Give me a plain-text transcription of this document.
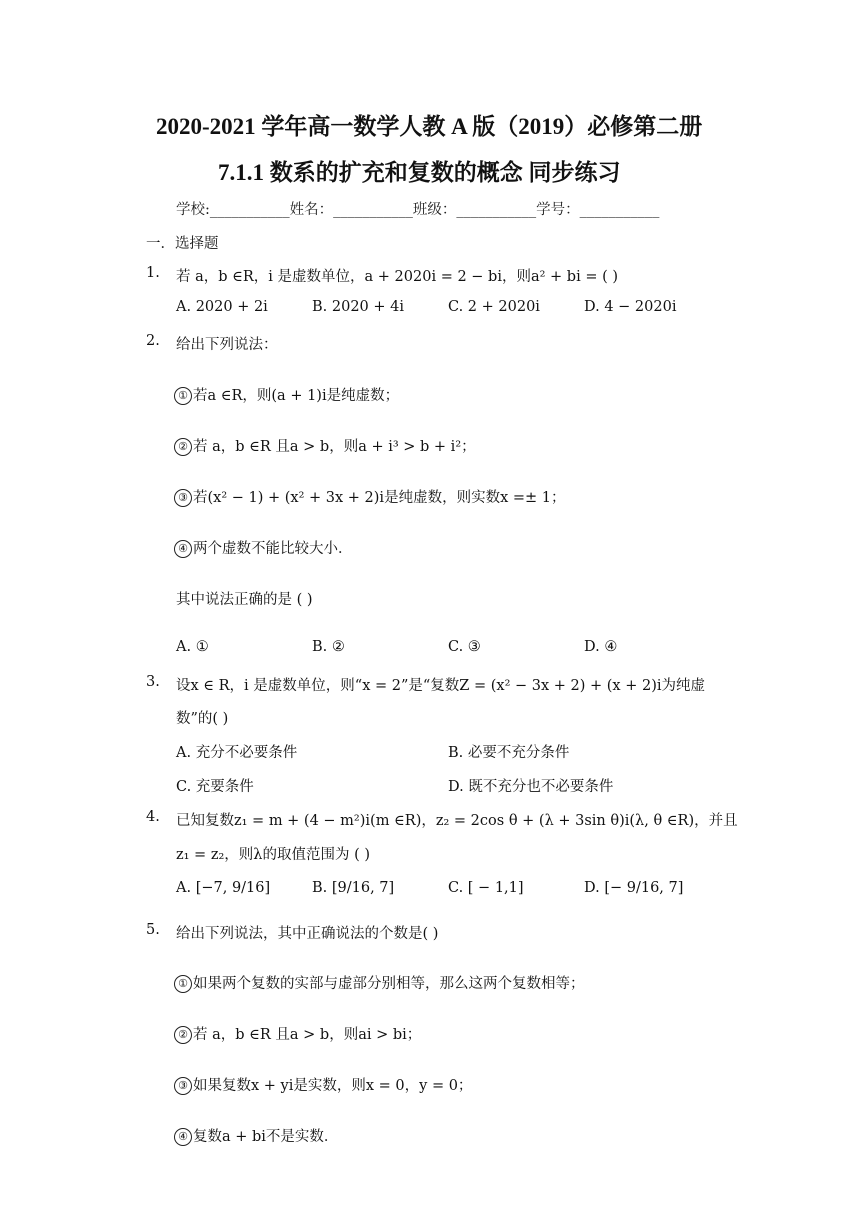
2020-2021 学年高一数学人教 A 版（2019）必修第二册
7.1.1 数系的扩充和复数的概念 同步练习
学校:___________姓名：___________班级：___________学号：___________
一．选择题
1. 若 a，b ∈R，i 是虚数单位，a + 2020i = 2 − bi，则a² + bi = ( )
A. 2020 + 2i	B. 2020 + 4i	C. 2 + 2020i	D. 4 − 2020i
2. 给出下列说法：
① 若a ∈R，则(a + 1)i是纯虚数；
② 若 a，b ∈R 且a > b，则a + i³ > b + i²；
③ 若(x² − 1) + (x² + 3x + 2)i是纯虚数，则实数x =± 1；
④ 两个虚数不能比较大小．
其中说法正确的是 ( )
A. ①	B. ②	C. ③	D. ④
3. 设x ∈ R，i 是虚数单位，则“x = 2”是“复数Z = (x² − 3x + 2) + (x + 2)i为纯虚
数”的( )
A. 充分不必要条件	B. 必要不充分条件
C. 充要条件	D. 既不充分也不必要条件
4. 已知复数z₁ = m + (4 − m²)i(m ∈R)，z₂ = 2cos θ + (λ + 3sin θ)i(λ, θ ∈R)，并且
z₁ = z₂，则λ的取值范围为 ( )
A. [−7, 9/16]	B. [9/16, 7]	C. [ − 1,1]	D. [− 9/16, 7]
5. 给出下列说法，其中正确说法的个数是( )
① 如果两个复数的实部与虚部分别相等，那么这两个复数相等；
② 若 a，b ∈R 且a > b，则ai > bi；
③ 如果复数x + yi是实数，则x = 0，y = 0；
④ 复数a + bi不是实数．
